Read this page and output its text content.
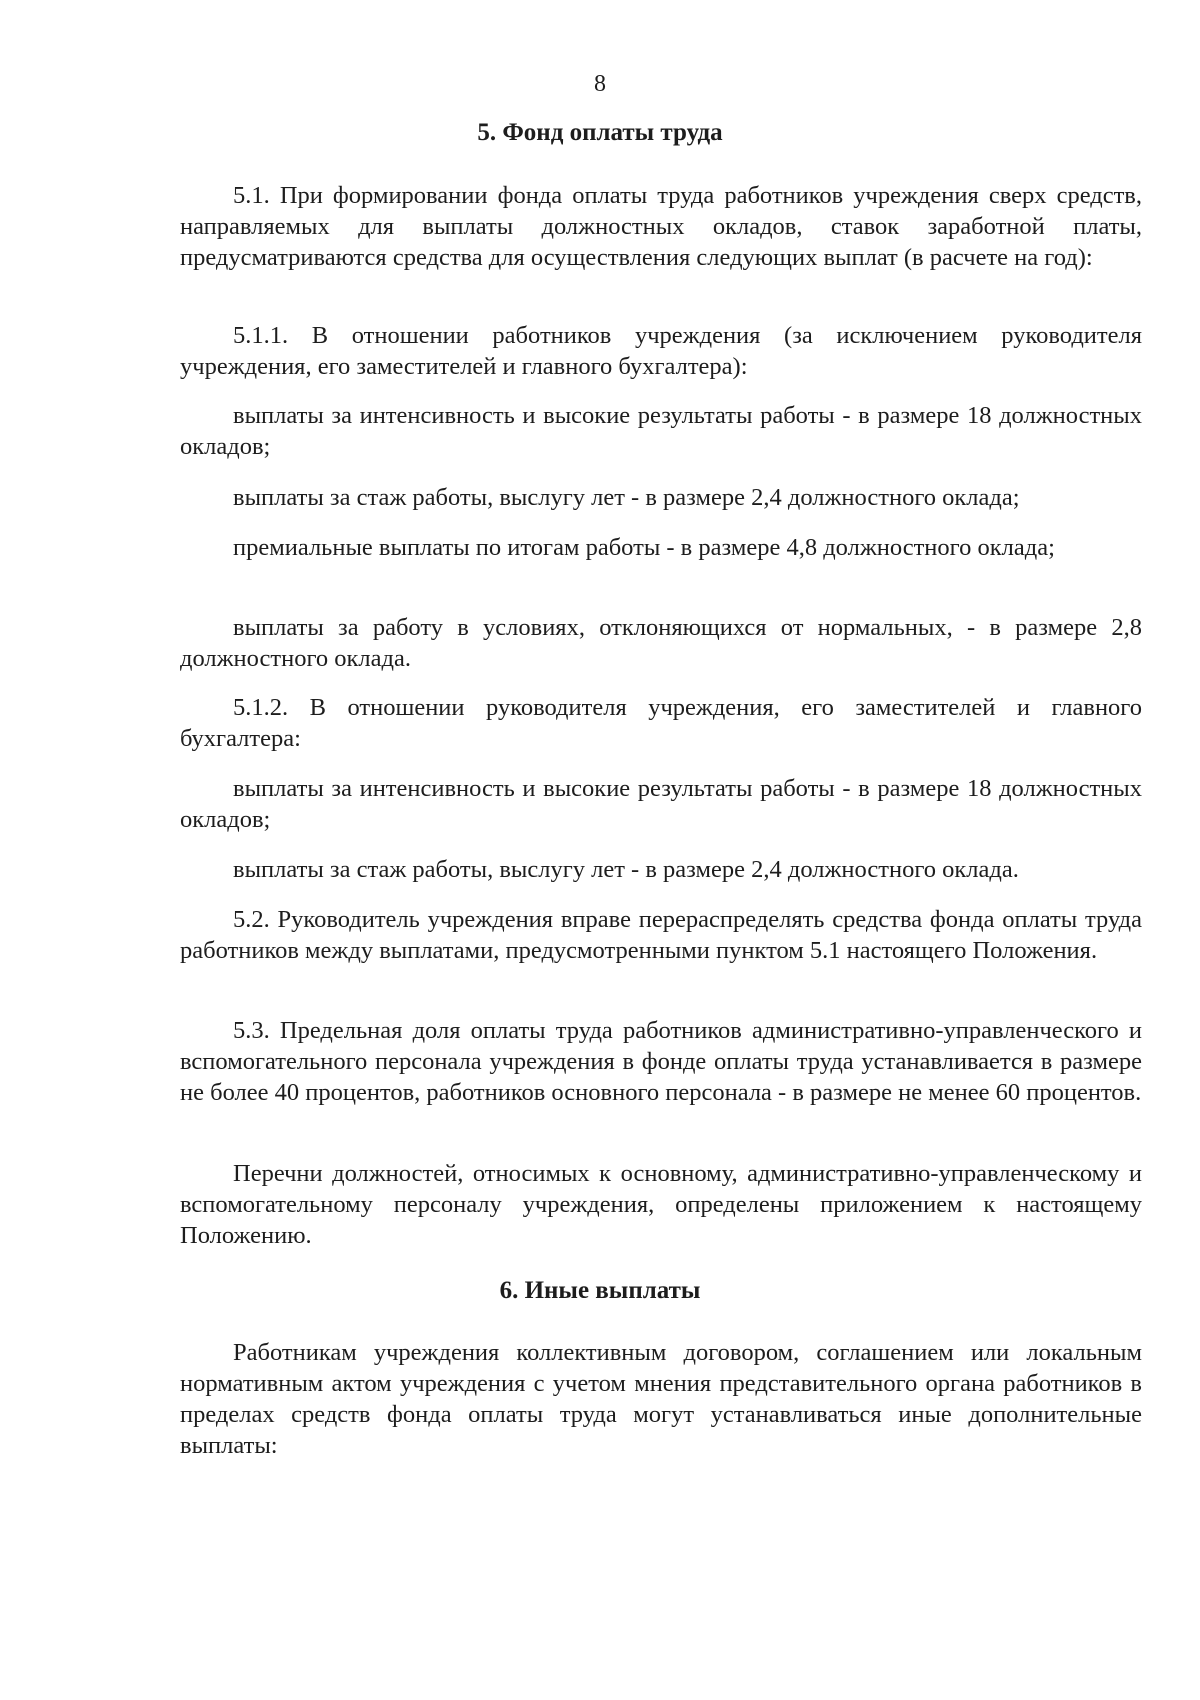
8
5. Фонд оплаты труда

5.1. При формировании фонда оплаты труда работников учреждения сверх средств, направляемых для выплаты должностных окладов, ставок заработной платы, предусматриваются средства для осуществления следующих выплат (в расчете на год):

5.1.1. В отношении работников учреждения (за исключением руководителя учреждения, его заместителей и главного бухгалтера):

выплаты за интенсивность и высокие результаты работы - в размере 18 должностных окладов;

выплаты за стаж работы, выслугу лет - в размере 2,4 должностного оклада;

премиальные выплаты по итогам работы - в размере 4,8 должностного оклада;

выплаты за работу в условиях, отклоняющихся от нормальных, - в размере 2,8 должностного оклада.

5.1.2. В отношении руководителя учреждения, его заместителей и главного бухгалтера:

выплаты за интенсивность и высокие результаты работы - в размере 18 должностных окладов;

выплаты за стаж работы, выслугу лет - в размере 2,4 должностного оклада.

5.2. Руководитель учреждения вправе перераспределять средства фонда оплаты труда работников между выплатами, предусмотренными пунктом 5.1 настоящего Положения.

5.3. Предельная доля оплаты труда работников административно-управленческого и вспомогательного персонала учреждения в фонде оплаты труда устанавливается в размере не более 40 процентов, работников основного персонала - в размере не менее 60 процентов.

Перечни должностей, относимых к основному, административно-управленческому и вспомогательному персоналу учреждения, определены приложением к настоящему Положению.

6. Иные выплаты

Работникам учреждения коллективным договором, соглашением или локальным нормативным актом учреждения с учетом мнения представительного органа работников в пределах средств фонда оплаты труда могут устанавливаться иные дополнительные выплаты:
